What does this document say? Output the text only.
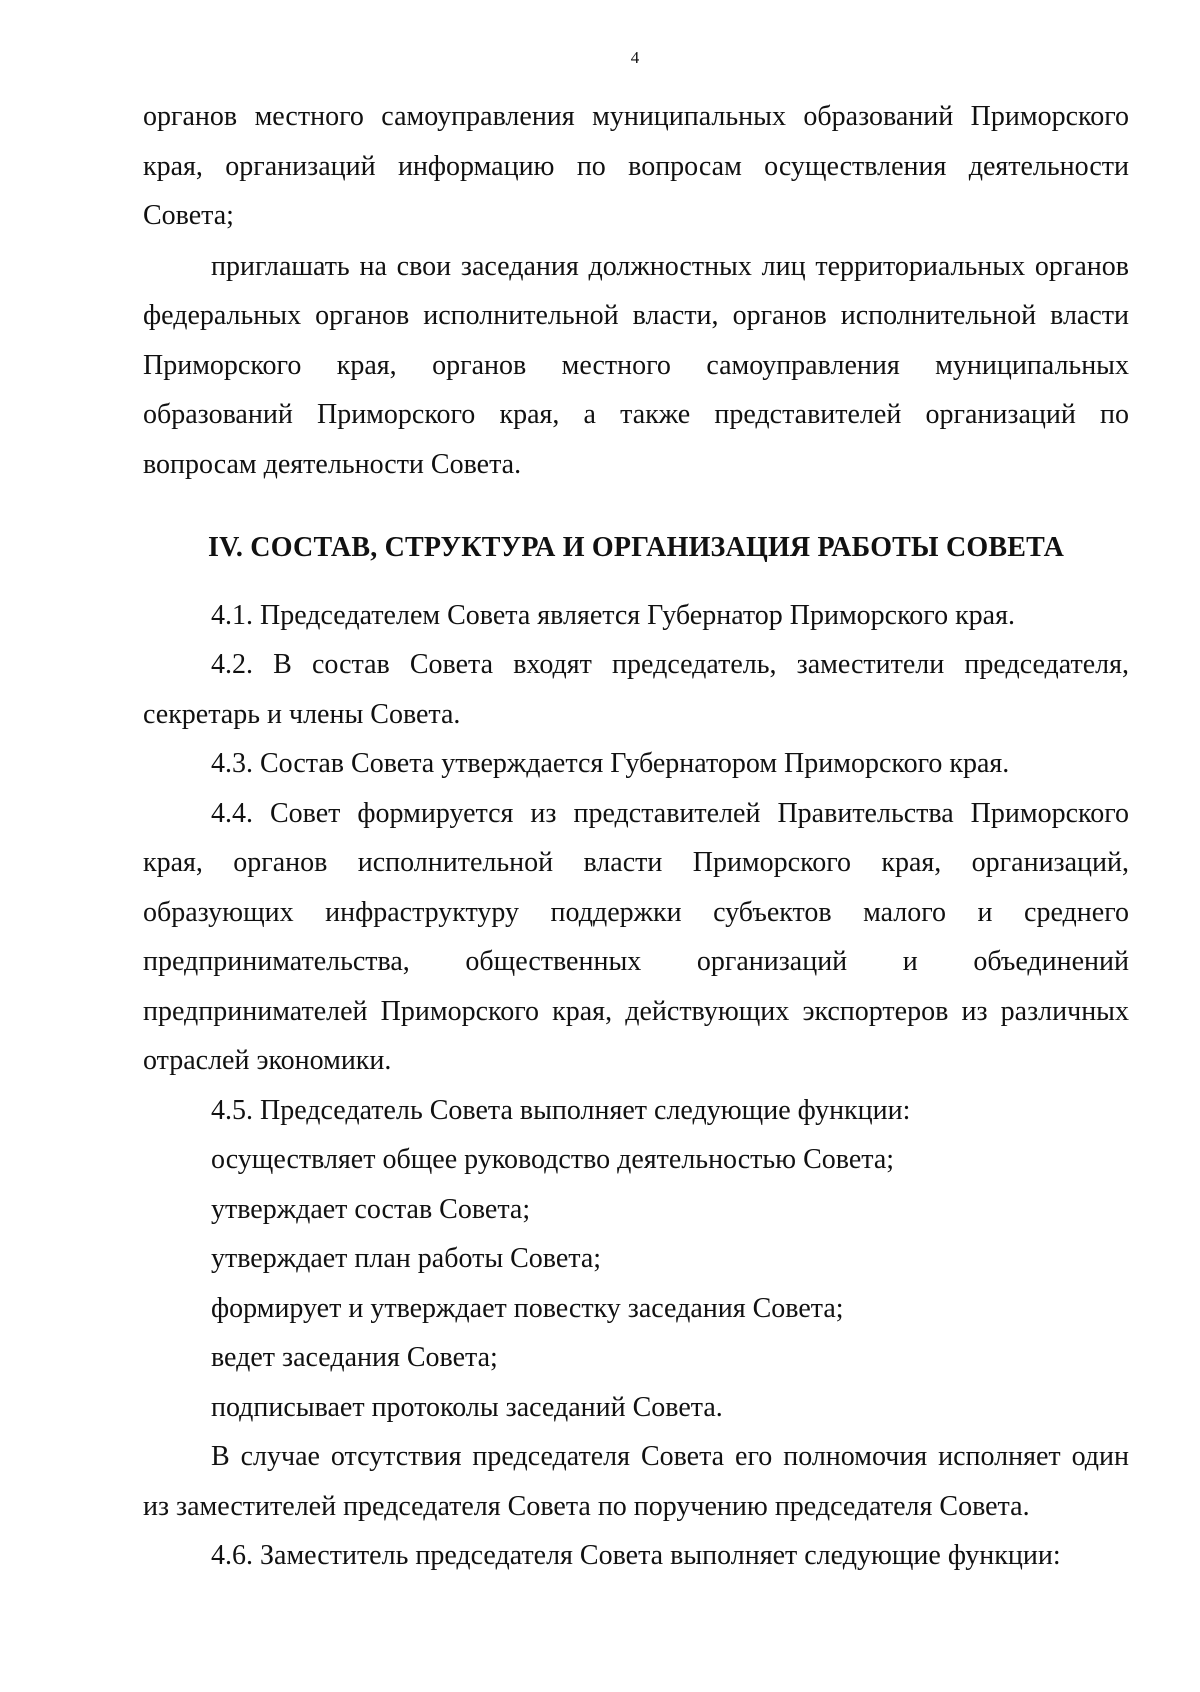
4

органов местного самоуправления муниципальных образований Приморского края, организаций информацию по вопросам осуществления деятельности Совета;

приглашать на свои заседания должностных лиц территориальных органов федеральных органов исполнительной власти, органов исполнительной власти Приморского края, органов местного самоуправления муниципальных образований Приморского края, а также представителей организаций по вопросам деятельности Совета.

IV. СОСТАВ, СТРУКТУРА И ОРГАНИЗАЦИЯ РАБОТЫ СОВЕТА

4.1. Председателем Совета является Губернатор Приморского края.

4.2. В состав Совета входят председатель, заместители председателя, секретарь и члены Совета.

4.3. Состав Совета утверждается Губернатором Приморского края.

4.4. Совет формируется из представителей Правительства Приморского края, органов исполнительной власти Приморского края, организаций, образующих инфраструктуру поддержки субъектов малого и среднего предпринимательства, общественных организаций и объединений предпринимателей Приморского края, действующих экспортеров из различных отраслей экономики.

4.5. Председатель Совета выполняет следующие функции:

осуществляет общее руководство деятельностью Совета;

утверждает состав Совета;

утверждает план работы Совета;

формирует и утверждает повестку заседания Совета;

ведет заседания Совета;

подписывает протоколы заседаний Совета.

В случае отсутствия председателя Совета его полномочия исполняет один из заместителей председателя Совета по поручению председателя Совета.

4.6. Заместитель председателя Совета выполняет следующие функции:
